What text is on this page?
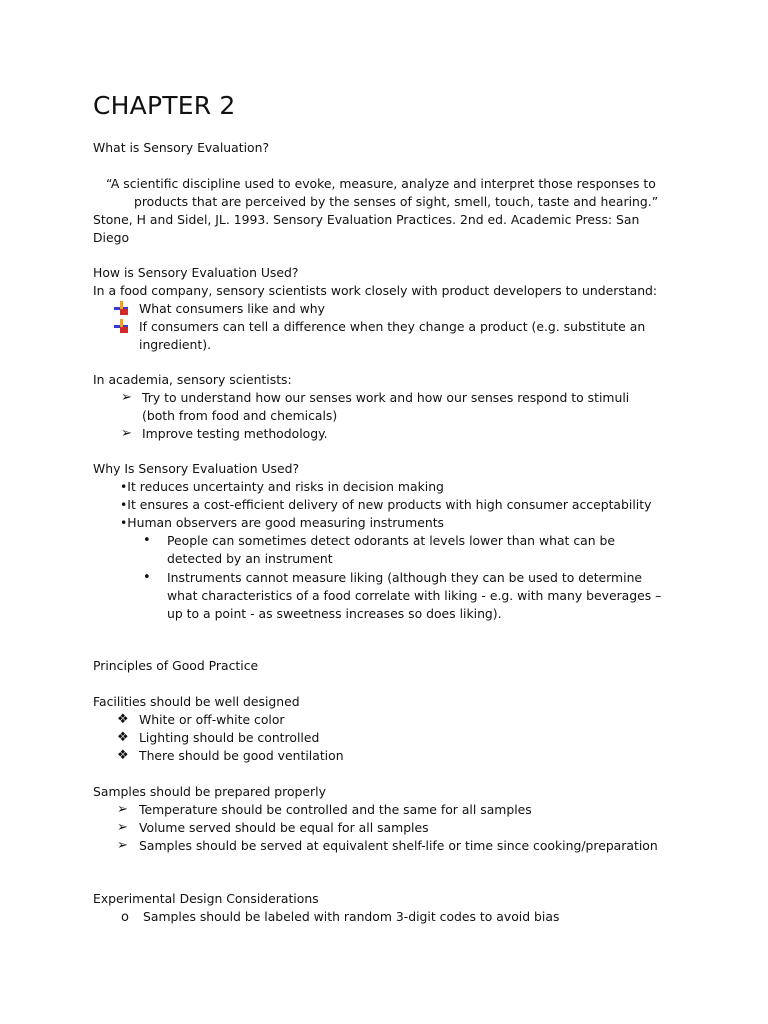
CHAPTER 2
What is Sensory Evaluation?
“A scientific discipline used to evoke, measure, analyze and interpret those responses to
products that are perceived by the senses of sight, smell, touch, taste and hearing.”
Stone, H and Sidel, JL. 1993. Sensory Evaluation Practices. 2nd ed. Academic Press: San
Diego
How is Sensory Evaluation Used?
In a food company, sensory scientists work closely with product developers to understand:
What consumers like and why
If consumers can tell a difference when they change a product (e.g. substitute an
ingredient).
In academia, sensory scientists:
➢ Try to understand how our senses work and how our senses respond to stimuli
(both from food and chemicals)
➢ Improve testing methodology.
Why Is Sensory Evaluation Used?
•It reduces uncertainty and risks in decision making
•It ensures a cost-efficient delivery of new products with high consumer acceptability
•Human observers are good measuring instruments
• People can sometimes detect odorants at levels lower than what can be
detected by an instrument
• Instruments cannot measure liking (although they can be used to determine
what characteristics of a food correlate with liking - e.g. with many beverages –
up to a point - as sweetness increases so does liking).
Principles of Good Practice
Facilities should be well designed
❖ White or off-white color
❖ Lighting should be controlled
❖ There should be good ventilation
Samples should be prepared properly
➢ Temperature should be controlled and the same for all samples
➢ Volume served should be equal for all samples
➢ Samples should be served at equivalent shelf-life or time since cooking/preparation
Experimental Design Considerations
o Samples should be labeled with random 3-digit codes to avoid bias
